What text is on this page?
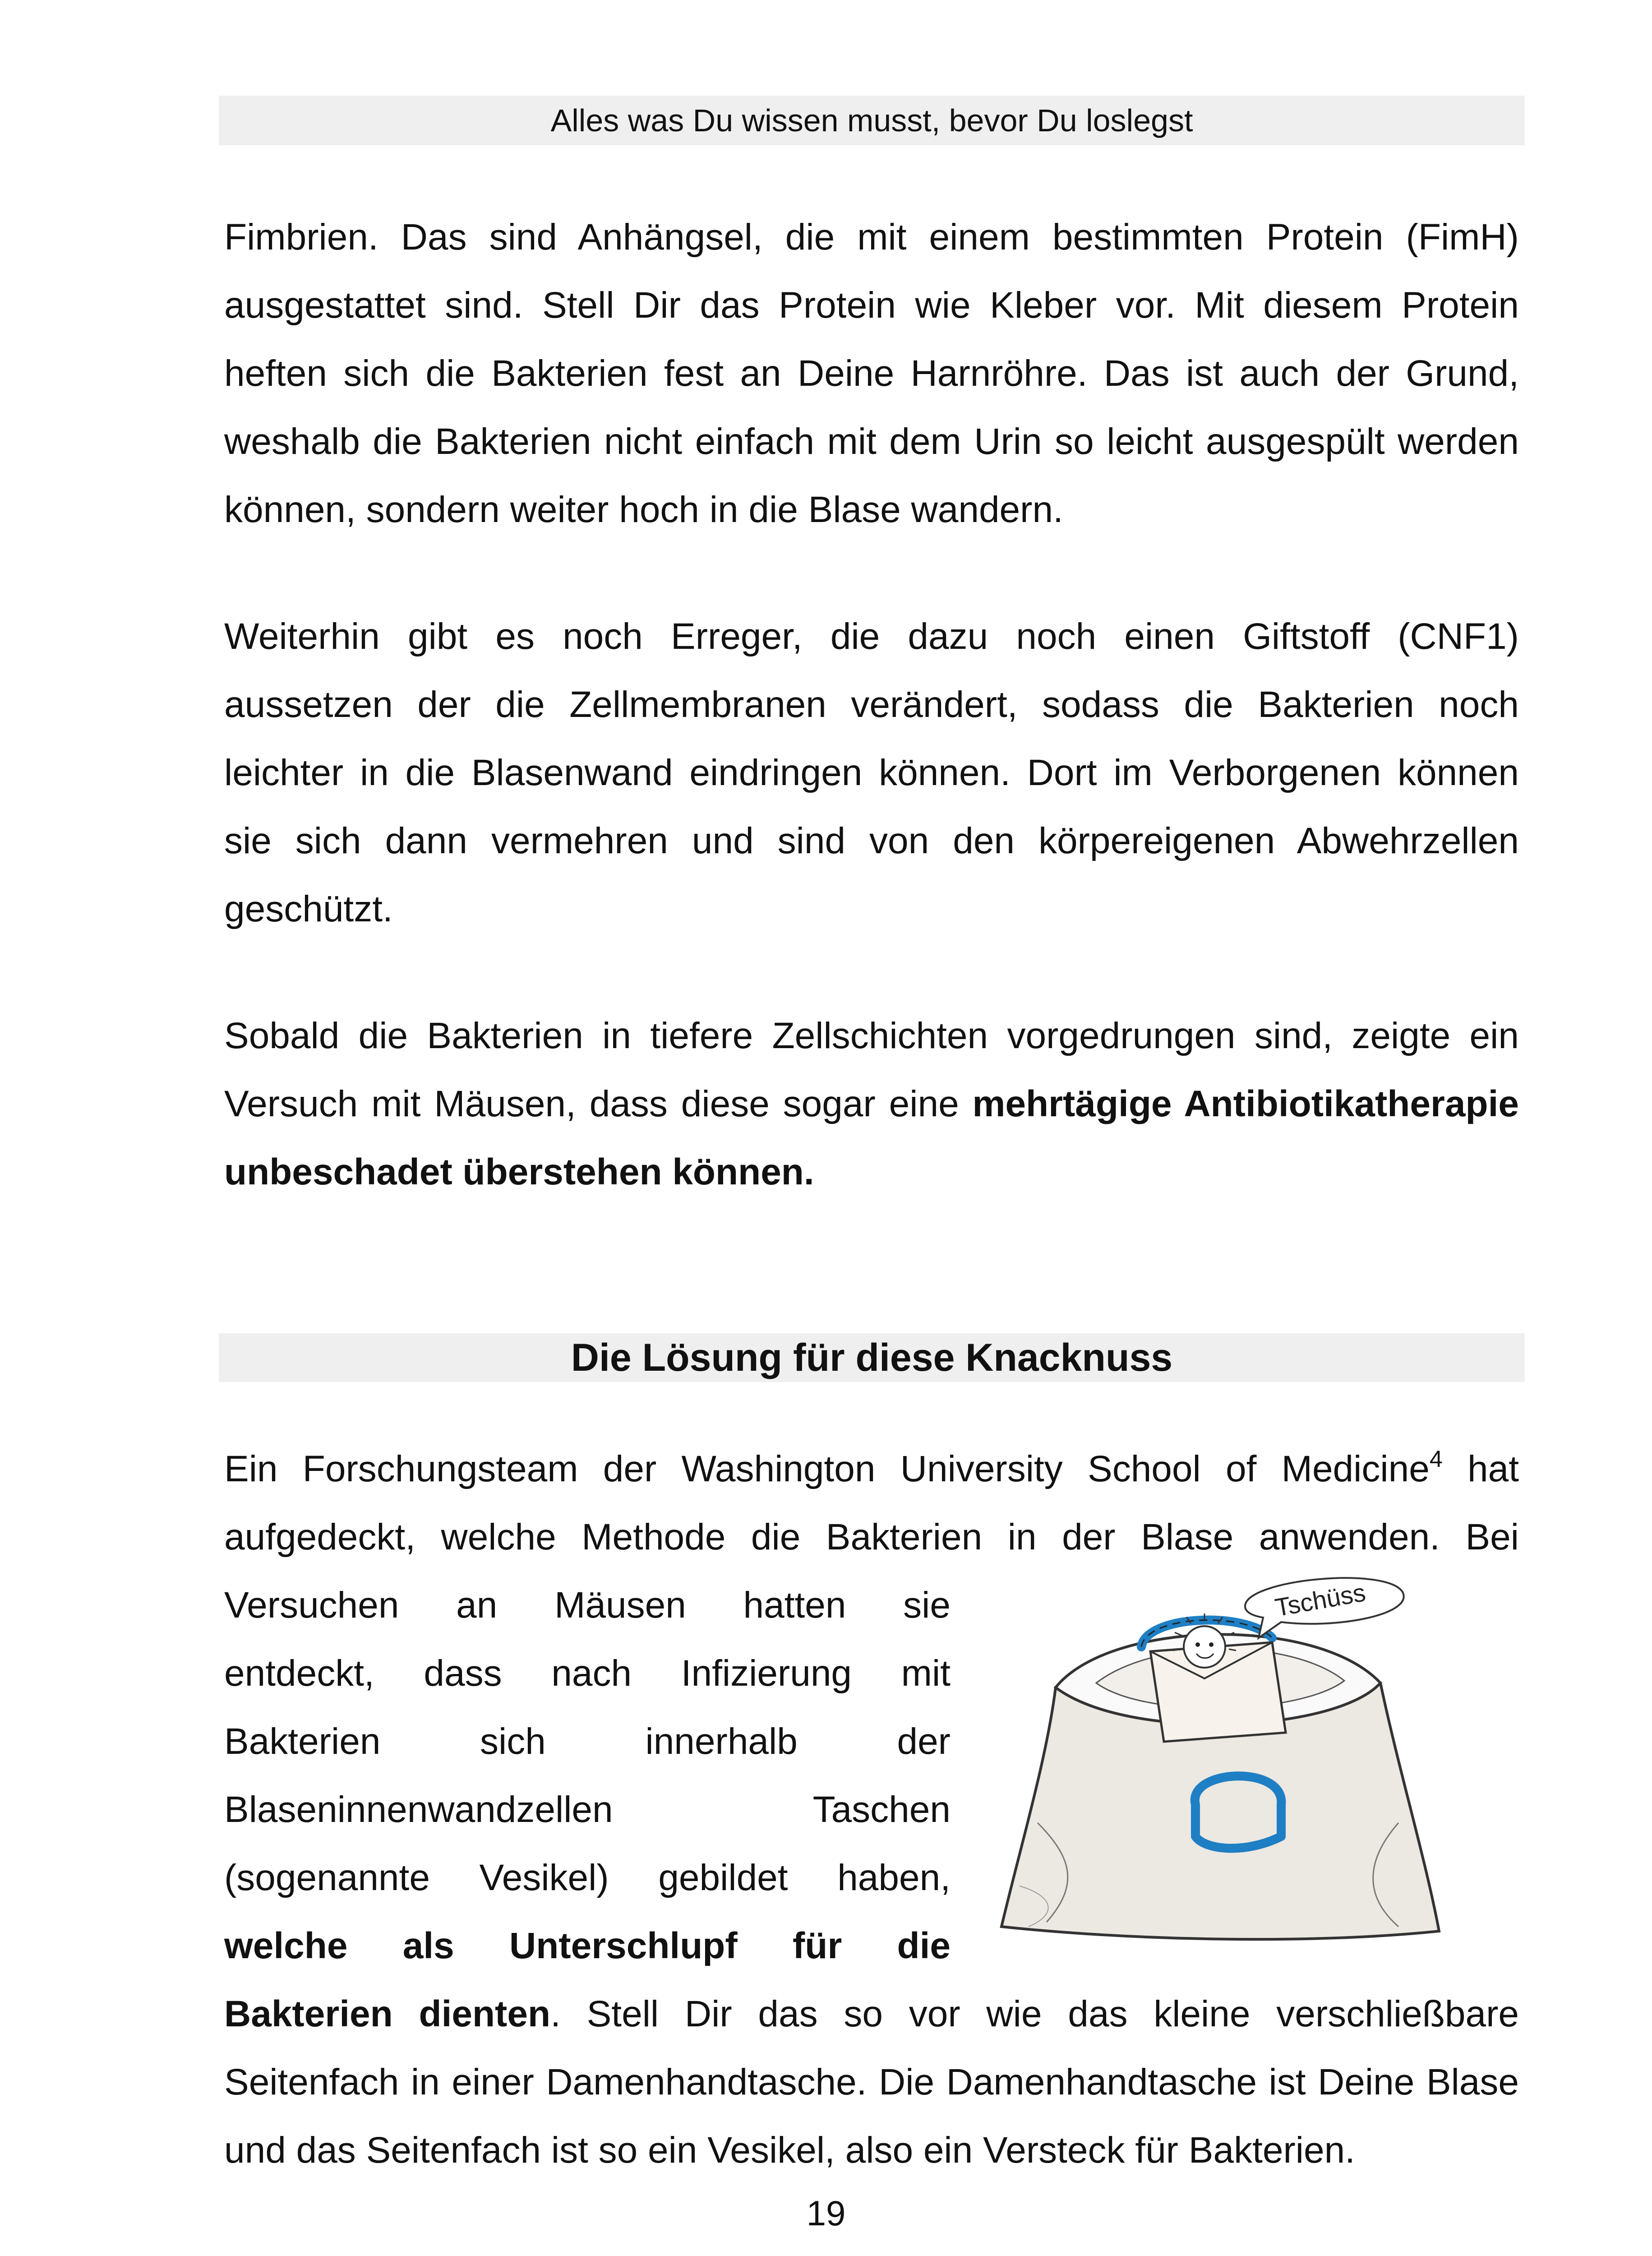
Alles was Du wissen musst, bevor Du loslegst

Fimbrien. Das sind Anhängsel, die mit einem bestimmten Protein (FimH) ausgestattet sind. Stell Dir das Protein wie Kleber vor. Mit diesem Protein heften sich die Bakterien fest an Deine Harnröhre. Das ist auch der Grund, weshalb die Bakterien nicht einfach mit dem Urin so leicht ausgespült werden können, sondern weiter hoch in die Blase wandern.

Weiterhin gibt es noch Erreger, die dazu noch einen Giftstoff (CNF1) aussetzen der die Zellmembranen verändert, sodass die Bakterien noch leichter in die Blasenwand eindringen können. Dort im Verborgenen können sie sich dann vermehren und sind von den körpereigenen Abwehrzellen geschützt.

Sobald die Bakterien in tiefere Zellschichten vorgedrungen sind, zeigte ein Versuch mit Mäusen, dass diese sogar eine mehrtägige Antibiotikatherapie unbeschadet überstehen können.

Die Lösung für diese Knacknuss
Ein Forschungsteam der Washington University School of Medicine$^4$ hat aufgedeckt, welche Methode die Bakterien in der Blase anwenden. Bei
Versuchen an Mäusen hatten sie
entdeckt, dass nach Infizierung mit
Bakterien sich innerhalb der
Blaseninnenwandzellen Taschen
(sogenannte Vesikel) gebildet haben,
welche als Unterschlupf für die

Bakterien dienten. Stell Dir das so vor wie das kleine verschließbare Seitenfach in einer Damenhandtasche. Die Damenhandtasche ist Deine Blase und das Seitenfach ist so ein Vesikel, also ein Versteck für Bakterien.

Tschüss
19
